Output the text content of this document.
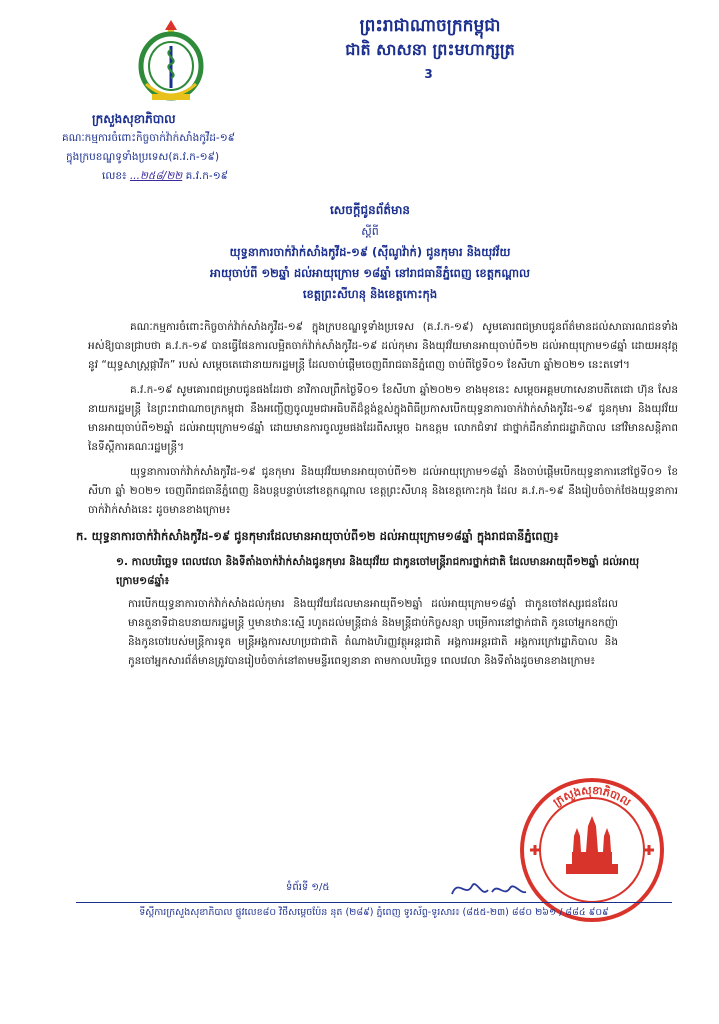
ព្រះរាជាណាចក្រកម្ពុជា
ជាតិ សាសនា ព្រះមហាក្សត្រ
3
ក្រសួងសុខាភិបាល
គណៈកម្មការចំពោះកិច្ចចាក់វ៉ាក់សាំងកូវីដ-១៩
ក្នុងក្របខណ្ឌទូទាំងប្រទេស(គ.វ.ក-១៩)
លេខ៖ ...២៥៨/២២ គ.វ.ក-១៩
សេចក្ដីជូនព័ត៌មាន
ស្ដីពី
យុទ្ធនាការចាក់វ៉ាក់សាំងកូវីដ-១៩ (ស៊ីណូវ៉ាក់) ជូនកុមារ និងយុវវ័យ
អាយុចាប់ពី ១២ឆ្នាំ ដល់អាយុក្រោម ១៨ឆ្នាំ នៅរាជធានីភ្នំពេញ ខេត្តកណ្ដាល
ខេត្តព្រះសីហនុ និងខេត្តកោះកុង

គណៈកម្មការចំពោះកិច្ចចាក់វ៉ាក់សាំងកូវីដ-១៩ ក្នុងក្របខណ្ឌទូទាំងប្រទេស (គ.វ.ក-១៩) សូមគោរពជម្រាបជូនព័ត៌មានដល់សាធារណជនទាំងអស់ឱ្យបានជ្រាបថា គ.វ.ក-១៩ បានធ្វើផែនការលម្អិតចាក់វ៉ាក់សាំងកូវីដ-១៩ ដល់កុមារ និងយុវវ័យមានអាយុចាប់ពី១២ ដល់អាយុក្រោម១៨ឆ្នាំ ដោយអនុវត្តនូវ “យុទ្ធសាស្ត្រផ្កាវីក” របស់ សម្ដេចតេជោនាយករដ្ឋមន្ត្រី ដែលចាប់ផ្ដើមចេញពីរាជធានីភ្នំពេញ ចាប់ពីថ្ងៃទី០១ ខែសីហា ឆ្នាំ២០២១ នេះតទៅ។

គ.វ.ក-១៩ សូមគោរពជម្រាបជូនផងដែរថា នាវិកាលព្រឹកថ្ងៃទី០១ ខែសីហា ឆ្នាំ២០២១ ខាងមុខនេះ សម្ដេចអគ្គមហាសេនាបតីតេជោ ហ៊ុន សែន នាយករដ្ឋមន្ត្រី នៃព្រះរាជាណាចក្រកម្ពុជា នឹងអញ្ជើញចូលរួមជាអធិបតីដ៏ខ្ពង់ខ្ពស់ក្នុងពិធីប្រកាសបើកយុទ្ធនាការចាក់វ៉ាក់សាំងកូវីដ-១៩ ជូនកុមារ និងយុវវ័យមានអាយុចាប់ពី១២ឆ្នាំ ដល់អាយុក្រោម១៨ឆ្នាំ ដោយមានការចូលរួមផងដែរពីសម្ដេច ឯកឧត្ដម លោកជំទាវ ជាថ្នាក់ដឹកនាំរាជរដ្ឋាភិបាល នៅវិមានសន្តិភាព នៃទីស្ដីការគណៈរដ្ឋមន្ត្រី។

យុទ្ធនាការចាក់វ៉ាក់សាំងកូវីដ-១៩ ជូនកុមារ និងយុវវ័យមានអាយុចាប់ពី១២ ដល់អាយុក្រោម១៨ឆ្នាំ នឹងចាប់ផ្ដើមបើកយុទ្ធនាការនៅថ្ងៃទី០១ ខែសីហា ឆ្នាំ ២០២១ ចេញពីរាជធានីភ្នំពេញ និងបន្តបន្ទាប់នៅខេត្តកណ្ដាល ខេត្តព្រះសីហនុ និងខេត្តកោះកុង ដែល គ.វ.ក-១៩ នឹងរៀបចំចាក់ថែងយុទ្ធនាការចាក់វ៉ាក់សាំងនេះ ដូចមានខាងក្រោម៖

ក. យុទ្ធនាការចាក់វ៉ាក់សាំងកូវីដ-១៩ ជូនកុមារដែលមានអាយុចាប់ពី១២ ដល់អាយុក្រោម១៨ឆ្នាំ ក្នុងរាជធានីភ្នំពេញ៖
១. កាលបរិច្ឆេទ ពេលវេលា និងទីតាំងចាក់វ៉ាក់សាំងជូនកុមារ និងយុវវ័យ ជាកូនចៅមន្ត្រីរាជការថ្នាក់ជាតិ ដែលមានអាយុពី១២ឆ្នាំ ដល់អាយុក្រោម១៨ឆ្នាំ៖
ការបើកយុទ្ធនាការចាក់វ៉ាក់សាំងដល់កុមារ និងយុវវ័យដែលមានអាយុពី១២ឆ្នាំ ដល់អាយុក្រោម១៨ឆ្នាំ ជាកូនចៅឥស្សរជនដែលមានតួនាទីជាឧបនាយករដ្ឋមន្ត្រី ឬមានឋានៈស្មើ រហូតដល់មន្ត្រីជាន់ និងមន្ត្រីជាប់កិច្ចសន្យា បម្រើការនៅថ្នាក់ជាតិ កូនចៅអ្នកឧកញ៉ា និងកូនចៅរបស់មន្ត្រីការទូត មន្ត្រីអង្គការសហប្រជាជាតិ តំណាងហិរញ្ញវត្ថុអន្តរជាតិ អង្គការអន្តរជាតិ អង្គការក្រៅរដ្ឋាភិបាល និងកូនចៅអ្នកសារព័ត៌មានត្រូវបានរៀបចំចាក់នៅតាមមន្ទីរពេទ្យនានា តាមកាលបរិច្ឆេទ ពេលវេលា និងទីតាំងដូចមានខាងក្រោម៖
ក្រសួងសុខាភិបាល
ទំព័រទី ១/៥
ទីស្ដីការក្រសួងសុខាភិបាល ផ្លូវលេខ៨០ វិថីសម្ដេចប៉ែន នុត (២៨៩) ភ្នំពេញ ទូរស័ព្ទ-ទូរសារ៖ (៨៥៥-២៣) ៨៨០ ២៦១ / ៨៨៤ ៩០៩
